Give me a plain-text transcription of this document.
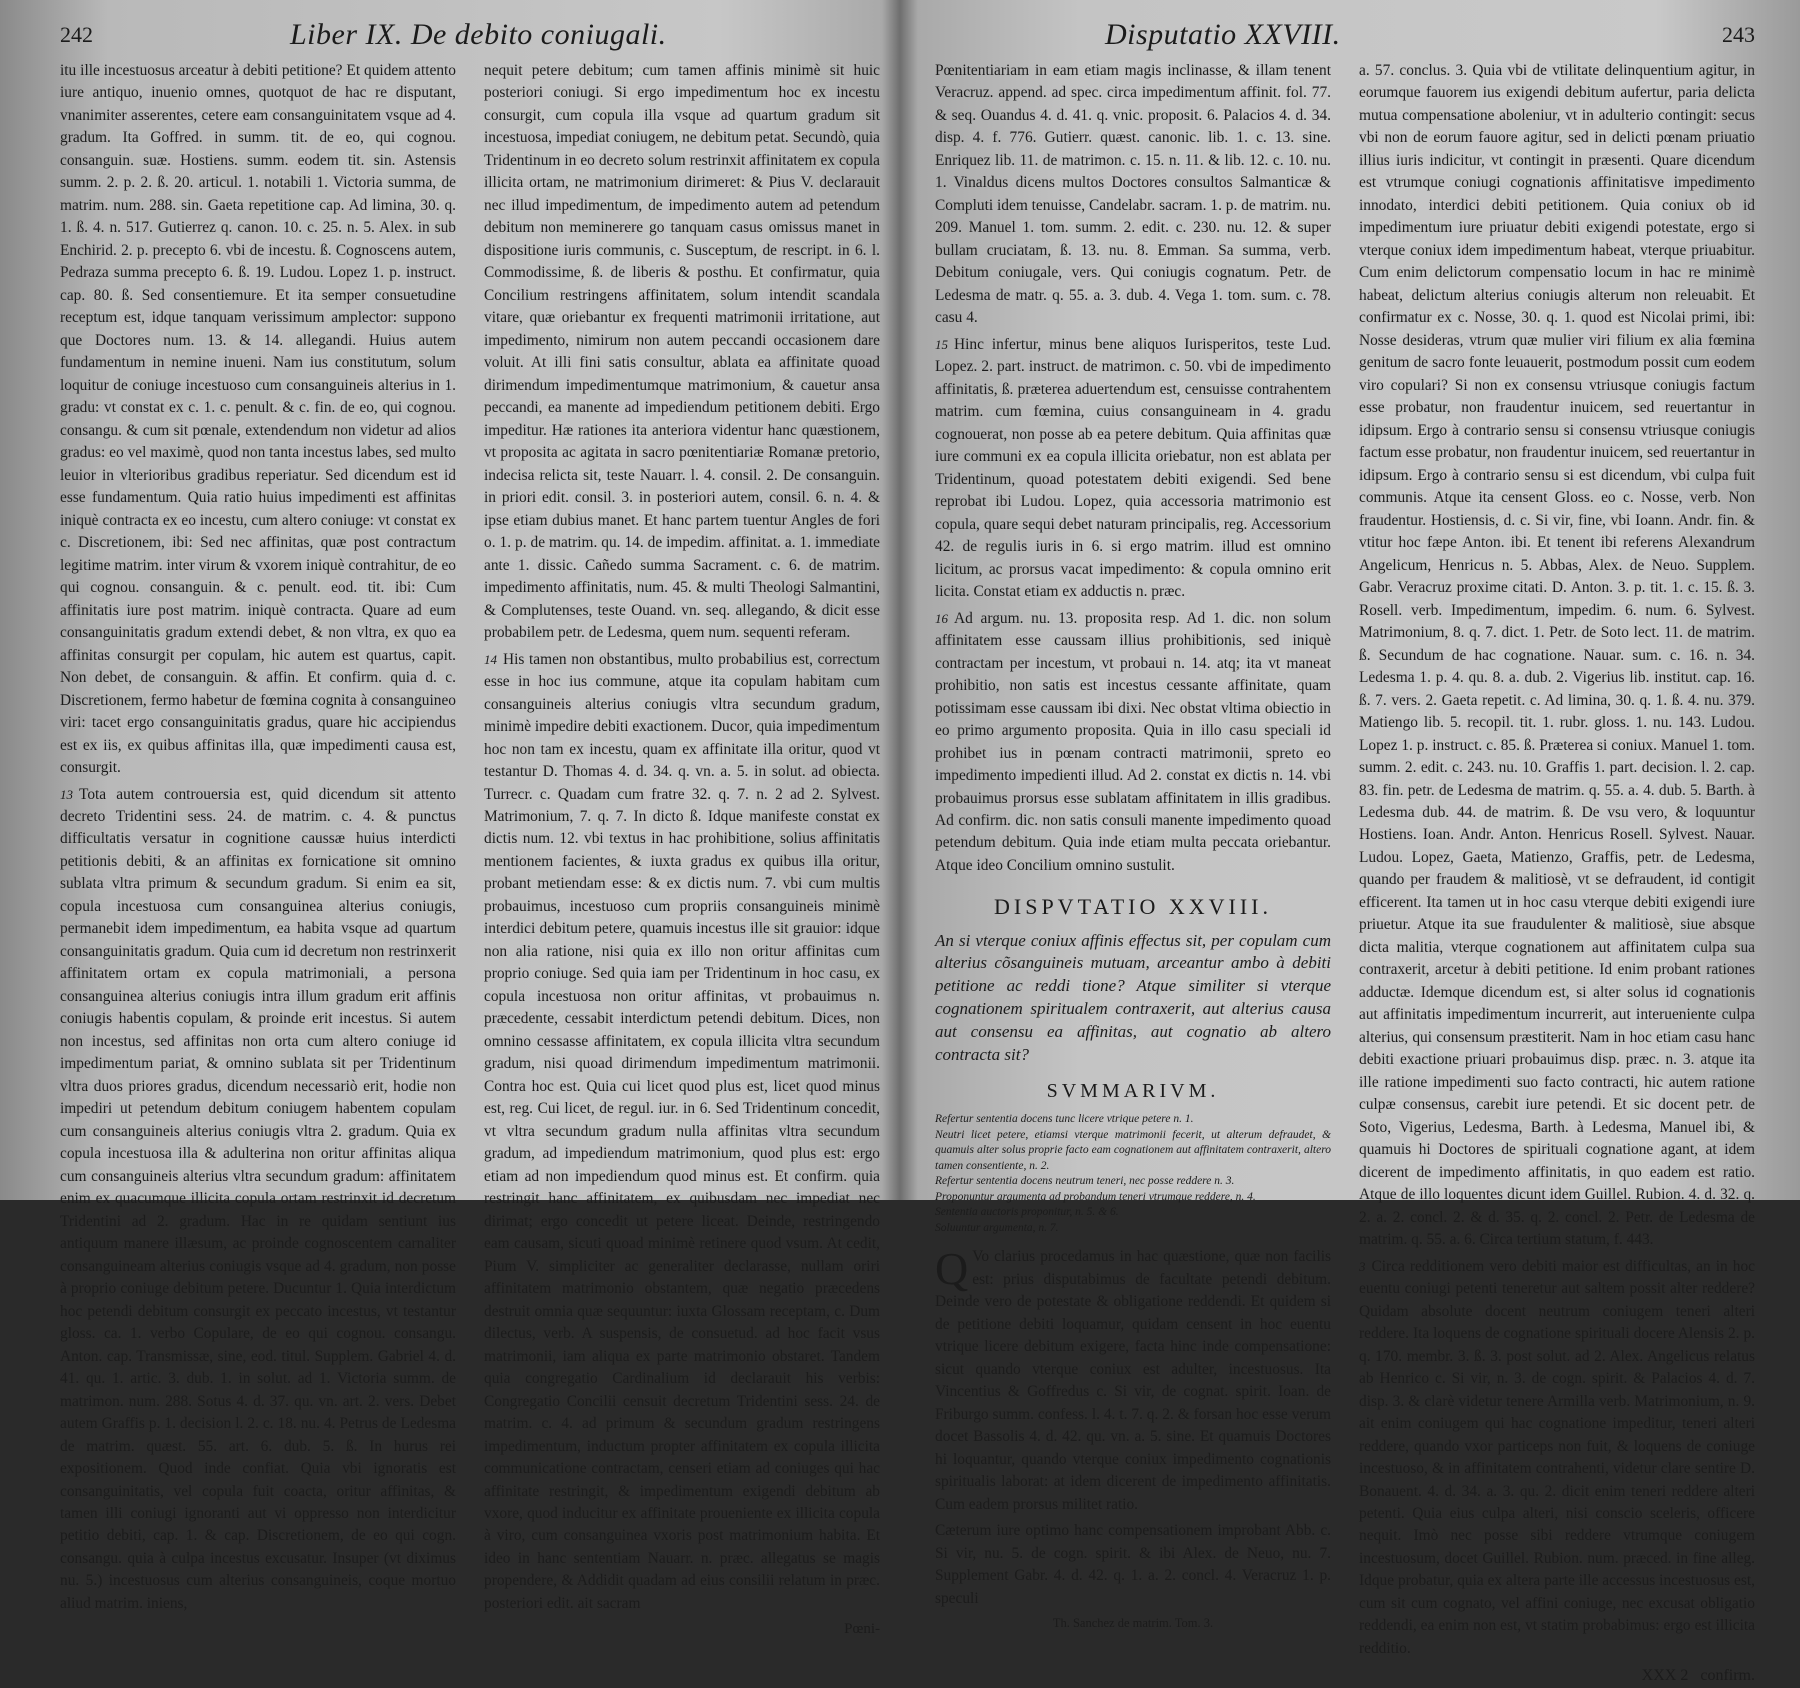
242	Liber IX. De debito coniugali.

itu ille incestuosus arceatur à debiti petitione? Et quidem attento iure antiquo, inuenio omnes, quotquot de hac re disputant, vnanimiter asserentes, cetere eam consanguinitatem vsque ad 4. gradum. Ita Goffred. in summ. tit. de eo, qui cognou. consanguin. suæ. Hostiens. summ. eodem tit. sin. Astensis summ. 2. p. 2. ß. 20. articul. 1. notabili 1. Victoria summa, de matrim. num. 288. sin. Gaeta repetitione cap. Ad limina, 30. q. 1. ß. 4. n. 517. Gutierrez q. canon. 10. c. 25. n. 5. Alex. in sub Enchirid. 2. p. precepto 6. vbi de incestu. ß. Cognoscens autem, Pedraza summa precepto 6. ß. 19. Ludou. Lopez 1. p. instruct. cap. 80. ß. Sed consentiemure. Et ita semper consuetudine receptum est, idque tanquam verissimum amplector: suppono que Doctores num. 13. & 14. allegandi. Huius autem fundamentum in nemine inueni. Nam ius constitutum, solum loquitur de coniuge incestuoso cum consanguineis alterius in 1. gradu: vt constat ex c. 1. c. penult. & c. fin. de eo, qui cognou. consangu. & cum sit pœnale, extendendum non videtur ad alios gradus: eo vel maximè, quod non tanta incestus labes, sed multo leuior in vlterioribus gradibus reperiatur. Sed dicendum est id esse fundamentum. Quia ratio huius impedimenti est affinitas iniquè contracta ex eo incestu, cum altero coniuge: vt constat ex c. Discretionem, ibi: Sed nec affinitas, quæ post contractum legitime matrim. inter virum & vxorem iniquè contrahitur, de eo qui cognou. consanguin. & c. penult. eod. tit. ibi: Cum affinitatis iure post matrim. iniquè contracta. Quare ad eum consanguinitatis gradum extendi debet, & non vltra, ex quo ea affinitas consurgit per copulam, hic autem est quartus, capit. Non debet, de consanguin. & affin. Et confirm. quia d. c. Discretionem, fermo habetur de fœmina cognita à consanguineo viri: tacet ergo consanguinitatis gradus, quare hic accipiendus est ex iis, ex quibus affinitas illa, quæ impedimenti causa est, consurgit.

13 Tota autem controuersia est, quid dicendum sit attento decreto Tridentini sess. 24. de matrim. c. 4. & punctus difficultatis versatur in cognitione caussæ huius interdicti petitionis debiti, & an affinitas ex fornicatione sit omnino sublata vltra primum & secundum gradum. Si enim ea sit, copula incestuosa cum consanguinea alterius coniugis, permanebit idem impedimentum, ea habita vsque ad quartum consanguinitatis gradum. Quia cum id decretum non restrinxerit affinitatem ortam ex copula matrimoniali, a persona consanguinea alterius coniugis intra illum gradum erit affinis coniugis habentis copulam, & proinde erit incestus. Si autem non incestus, sed affinitas non orta cum altero coniuge id impedimentum pariat, & omnino sublata sit per Tridentinum vltra duos priores gradus, dicendum necessariò erit, hodie non impediri ut petendum debitum coniugem habentem copulam cum consanguineis alterius coniugis vltra 2. gradum. Quia ex copula incestuosa illa & adulterina non oritur affinitas aliqua cum consanguineis alterius vltra secundum gradum: affinitatem enim ex quacumque illicita copula ortam restrinxit id decretum Tridentini ad 2. gradum. Hac in re quidam sentiunt ius antiquum manere illæsum, ac proinde cognoscentem carnaliter consanguineam alterius coniugis vsque ad 4. gradum, non posse à proprio coniuge debitum petere. Ducuntur 1. Quia interdictum hoc petendi debitum consurgit ex peccato incestus, vt testantur gloss. ca. 1. verbo Copulare, de eo qui cognou. consangu. Anton. cap. Transmissæ, sine, eod. titul. Supplem. Gabriel 4. d. 41. qu. 1. artic. 3. dub. 1. in solut. ad 1. Victoria summ. de matrimon. num. 288. Sotus 4. d. 37. qu. vn. art. 2. vers. Debet autem Graffis p. 1. decision l. 2. c. 18. nu. 4. Petrus de Ledesma de matrim. quæst. 55. art. 6. dub. 5. ß. In hurus rei expositionem. Quod inde confiat. Quia vbi ignoratis est consanguinitatis, vel copula fuit coacta, oritur affinitas, & tamen illi coniugi ignoranti aut vi oppresso non interdicitur petitio debiti, cap. 1. & cap. Discretionem, de eo qui cogn. consangu. quia à culpa incestus excusatur. Insuper (vt diximus nu. 5.) incestuosus cum alterius consanguineis, coque mortuo aliud matrim. iniens,

nequit petere debitum; cum tamen affinis minimè sit huic posteriori coniugi. Si ergo impedimentum hoc ex incestu consurgit, cum copula illa vsque ad quartum gradum sit incestuosa, impediat coniugem, ne debitum petat. Secundò, quia Tridentinum in eo decreto solum restrinxit affinitatem ex copula illicita ortam, ne matrimonium dirimeret: & Pius V. declarauit nec illud impedimentum, de impedimento autem ad petendum debitum non meminerere go tanquam casus omissus manet in dispositione iuris communis, c. Susceptum, de rescript. in 6. l. Commodissime, ß. de liberis & posthu. Et confirmatur, quia Concilium restringens affinitatem, solum intendit scandala vitare, quæ oriebantur ex frequenti matrimonii irritatione, aut impedimento, nimirum non autem peccandi occasionem dare voluit. At illi fini satis consultur, ablata ea affinitate quoad dirimendum impedimentumque matrimonium, & cauetur ansa peccandi, ea manente ad impediendum petitionem debiti. Ergo impeditur. Hæ rationes ita anteriora videntur hanc quæstionem, vt proposita ac agitata in sacro pœnitentiariæ Romanæ pretorio, indecisa relicta sit, teste Nauarr. l. 4. consil. 2. De consanguin. in priori edit. consil. 3. in posteriori autem, consil. 6. n. 4. & ipse etiam dubius manet. Et hanc partem tuentur Angles de fori o. 1. p. de matrim. qu. 14. de impedim. affinitat. a. 1. immediate ante 1. dissic. Cañedo summa Sacrament. c. 6. de matrim. impedimento affinitatis, num. 45. & multi Theologi Salmantini, & Complutenses, teste Ouand. vn. seq. allegando, & dicit esse probabilem petr. de Ledesma, quem num. sequenti referam.

14 His tamen non obstantibus, multo probabilius est, correctum esse in hoc ius commune, atque ita copulam habitam cum consanguineis alterius coniugis vltra secundum gradum, minimè impedire debiti exactionem. Ducor, quia impedimentum hoc non tam ex incestu, quam ex affinitate illa oritur, quod vt testantur D. Thomas 4. d. 34. q. vn. a. 5. in solut. ad obiecta. Turrecr. c. Quadam cum fratre 32. q. 7. n. 2 ad 2. Sylvest. Matrimonium, 7. q. 7. In dicto ß. Idque manifeste constat ex dictis num. 12. vbi textus in hac prohibitione, solius affinitatis mentionem facientes, & iuxta gradus ex quibus illa oritur, probant metiendam esse: & ex dictis num. 7. vbi cum multis probauimus, incestuoso cum propriis consanguineis minimè interdici debitum petere, quamuis incestus ille sit grauior: idque non alia ratione, nisi quia ex illo non oritur affinitas cum proprio coniuge. Sed quia iam per Tridentinum in hoc casu, ex copula incestuosa non oritur affinitas, vt probauimus n. præcedente, cessabit interdictum petendi debitum. Dices, non omnino cessasse affinitatem, ex copula illicita vltra secundum gradum, nisi quoad dirimendum impedimentum matrimonii. Contra hoc est. Quia cui licet quod plus est, licet quod minus est, reg. Cui licet, de regul. iur. in 6. Sed Tridentinum concedit, vt vltra secundum gradum nulla affinitas vltra secundum gradum, ad impediendum matrimonium, quod plus est: ergo etiam ad non impediendum quod minus est. Et confirm. quia restringit hanc affinitatem, ex quibusdam nec impediat nec dirimat; ergo concedit ut petere liceat. Deinde, restringendo eam causam, sicuti quoad minimè retinere quod vsum. At cedit, Pium V. simpliciter ac generaliter declarasse, nullam oriri affinitatem matrimonio obstantem, quæ negatio præcedens destruit omnia quæ sequuntur: iuxta Glossam receptam, c. Dum dilectus, verb. A suspensis, de consuetud. ad hoc facit vsus matrimonii, iam aliqua ex parte matrimonio obstaret. Tandem quia congregatio Cardinalium id declarauit his verbis: Congregatio Concilii censuit decretum Tridentini sess. 24. de matrim. c. 4. ad primum & secundum gradum restringens impedimentum, inductum propter affinitatem ex copula illicita communicatione contractam, censeri etiam ad coniuges qui hac affinitate restringit, & impedimentum exigendi debitum ab vxore, quod inducitur ex affinitate proueniente ex illicita copula à viro, cum consanguinea vxoris post matrimonium habita. Et ideo in hanc sententiam Nauarr. n. præc. allegatus se magis propendere, & Addidit quadam ad eius consilii relatum in præc. posteriori edit. ait sacram

Pœni-
Disputatio XXVIII.	243

Pœnitentiariam in eam etiam magis inclinasse, & illam tenent Veracruz. append. ad spec. circa impedimentum affinit. fol. 77. & seq. Ouandus 4. d. 41. q. vnic. proposit. 6. Palacios 4. d. 34. disp. 4. f. 776. Gutierr. quæst. canonic. lib. 1. c. 13. sine. Enriquez lib. 11. de matrimon. c. 15. n. 11. & lib. 12. c. 10. nu. 1. Vinaldus dicens multos Doctores consultos Salmanticæ & Compluti idem tenuisse, Candelabr. sacram. 1. p. de matrim. nu. 209. Manuel 1. tom. summ. 2. edit. c. 230. nu. 12. & super bullam cruciatam, ß. 13. nu. 8. Emman. Sa summa, verb. Debitum coniugale, vers. Qui coniugis cognatum. Petr. de Ledesma de matr. q. 55. a. 3. dub. 4. Vega 1. tom. sum. c. 78. casu 4.

15 Hinc infertur, minus bene aliquos Iurisperitos, teste Lud. Lopez. 2. part. instruct. de matrimon. c. 50. vbi de impedimento affinitatis, ß. præterea aduertendum est, censuisse contrahentem matrim. cum fœmina, cuius consanguineam in 4. gradu cognouerat, non posse ab ea petere debitum. Quia affinitas quæ iure communi ex ea copula illicita oriebatur, non est ablata per Tridentinum, quoad potestatem debiti exigendi. Sed bene reprobat ibi Ludou. Lopez, quia accessoria matrimonio est copula, quare sequi debet naturam principalis, reg. Accessorium 42. de regulis iuris in 6. si ergo matrim. illud est omnino licitum, ac prorsus vacat impedimento: & copula omnino erit licita. Constat etiam ex adductis n. præc.

16 Ad argum. nu. 13. proposita resp. Ad 1. dic. non solum affinitatem esse caussam illius prohibitionis, sed iniquè contractam per incestum, vt probaui n. 14. atq; ita vt maneat prohibitio, non satis est incestus cessante affinitate, quam potissimam esse caussam ibi dixi. Nec obstat vltima obiectio in eo primo argumento proposita. Quia in illo casu speciali id prohibet ius in pœnam contracti matrimonii, spreto eo impedimento impedienti illud. Ad 2. constat ex dictis n. 14. vbi probauimus prorsus esse sublatam affinitatem in illis gradibus. Ad confirm. dic. non satis consuli manente impedimento quoad petendum debitum. Quia inde etiam multa peccata oriebantur. Atque ideo Concilium omnino sustulit.

DISPVTATIO XXVIII.
An si vterque coniux affinis effectus sit, per copulam cum alterius cõsanguineis mutuam, arceantur ambo à debiti petitione ac reddi tione? Atque similiter si vterque cognationem spiritualem contraxerit, aut alterius causa aut consensu ea affinitas, aut cognatio ab altero contracta sit?
SVMMARIVM.
Refertur sententia docens tunc licere vtrique petere n. 1.
Neutri licet petere, etiamsi vterque matrimonii fecerit, ut alterum defraudet, & quamuis alter solus proprie facto eam cognationem aut affinitatem contraxerit, altero tamen consentiente, n. 2.
Refertur sententia docens neutrum teneri, nec posse reddere n. 3.
Proponuntur argumenta ad probandum teneri vtrumque reddere, n. 4.
Sententia auctoris proponitur, n. 5. & 6.
Soluuntur argumenta, n. 7.

Q Vo clarius procedamus in hac quæstione, quæ non facilis est: prius disputabimus de facultate petendi debitum. Deinde vero de potestate & obligatione reddendi. Et quidem si de petitione debiti loquamur, quidam censent in hoc euentu vtrique licere debitum exigere, facta hinc inde compensatione: sicut quando vterque coniux est adulter, incestuosus. Ita Vincentius & Goffredus c. Si vir, de cognat. spirit. Ioan. de Friburgo summ. confess. l. 4. t. 7. q. 2. & forsan hoc esse verum docet Bassolis 4. d. 42. qu. vn. a. 5. sine. Et quamuis Doctores hi loquantur, quando vterque coniux impedimento cognationis spiritualis laborat: at idem dicerent de impedimento affinitatis. Cum eadem prorsus militet ratio.

Cæterum iure optimo hanc compensationem improbant Abb. c. Si vir, nu. 5. de cogn. spirit. & ibi Alex. de Neuo, nu. 7. Supplement Gabr. 4. d. 42. q. 1. a. 2. concl. 4. Veracruz 1. p. speculi

Th. Sanchez de matrim. Tom. 3.

a. 57. conclus. 3. Quia vbi de vtilitate delinquentium agitur, in eorumque fauorem ius exigendi debitum aufertur, paria delicta mutua compensatione aboleniur, vt in adulterio contingit: secus vbi non de eorum fauore agitur, sed in delicti pœnam priuatio illius iuris indicitur, vt contingit in præsenti. Quare dicendum est vtrumque coniugi cognationis affinitatisve impedimento innodato, interdici debiti petitionem. Quia coniux ob id impedimentum iure priuatur debiti exigendi potestate, ergo si vterque coniux idem impedimentum habeat, vterque priuabitur. Cum enim delictorum compensatio locum in hac re minimè habeat, delictum alterius coniugis alterum non releuabit. Et confirmatur ex c. Nosse, 30. q. 1. quod est Nicolai primi, ibi: Nosse desideras, vtrum quæ mulier viri filium ex alia fœmina genitum de sacro fonte leuauerit, postmodum possit cum eodem viro copulari? Si non ex consensu vtriusque coniugis factum esse probatur, non fraudentur inuicem, sed reuertantur in idipsum. Ergo à contrario sensu si consensu vtriusque coniugis factum esse probatur, non fraudentur inuicem, sed reuertantur in idipsum. Ergo à contrario sensu si est dicendum, vbi culpa fuit communis. Atque ita censent Gloss. eo c. Nosse, verb. Non fraudentur. Hostiensis, d. c. Si vir, fine, vbi Ioann. Andr. fin. & vtitur hoc fæpe Anton. ibi. Et tenent ibi referens Alexandrum Angelicum, Henricus n. 5. Abbas, Alex. de Neuo. Supplem. Gabr. Veracruz proxime citati. D. Anton. 3. p. tit. 1. c. 15. ß. 3. Rosell. verb. Impedimentum, impedim. 6. num. 6. Sylvest. Matrimonium, 8. q. 7. dict. 1. Petr. de Soto lect. 11. de matrim. ß. Secundum de hac cognatione. Nauar. sum. c. 16. n. 34. Ledesma 1. p. 4. qu. 8. a. dub. 2. Vigerius lib. institut. cap. 16. ß. 7. vers. 2. Gaeta repetit. c. Ad limina, 30. q. 1. ß. 4. nu. 379. Matiengo lib. 5. recopil. tit. 1. rubr. gloss. 1. nu. 143. Ludou. Lopez 1. p. instruct. c. 85. ß. Præterea si coniux. Manuel 1. tom. summ. 2. edit. c. 243. nu. 10. Graffis 1. part. decision. l. 2. cap. 83. fin. petr. de Ledesma de matrim. q. 55. a. 4. dub. 5. Barth. à Ledesma dub. 44. de matrim. ß. De vsu vero, & loquuntur Hostiens. Ioan. Andr. Anton. Henricus Rosell. Sylvest. Nauar. Ludou. Lopez, Gaeta, Matienzo, Graffis, petr. de Ledesma, quando per fraudem & malitiosè, vt se defraudent, id contigit efficerent. Ita tamen ut in hoc casu vterque debiti exigendi iure priuetur. Atque ita sue fraudulenter & malitiosè, siue absque dicta malitia, vterque cognationem aut affinitatem culpa sua contraxerit, arcetur à debiti petitione. Id enim probant rationes adductæ. Idemque dicendum est, si alter solus id cognationis aut affinitatis impedimentum incurrerit, aut interueniente culpa alterius, qui consensum præstiterit. Nam in hoc etiam casu hanc debiti exactione priuari probauimus disp. præc. n. 3. atque ita ille ratione impedimenti suo facto contracti, hic autem ratione culpæ consensus, carebit iure petendi. Et sic docent petr. de Soto, Vigerius, Ledesma, Barth. à Ledesma, Manuel ibi, & quamuis hi Doctores de spirituali cognatione agant, at idem dicerent de impedimento affinitatis, in quo eadem est ratio. Atque de illo loquentes dicunt idem Guillel. Rubion. 4. d. 32. q. 2. a. 2. concl. 2. & d. 35. q. 2. concl. 2. Petr. de Ledesma de matrim. q. 55. a. 6. Circa tertium statum, f. 443.

3 Circa redditionem vero debiti maior est difficultas, an in hoc euentu coniugi petenti teneretur aut saltem possit alter reddere? Quidam absolute docent neutrum coniugem teneri alteri reddere. Ita loquens de cognatione spirituali docere Alensis 2. p. q. 170. membr. 3. ß. 3. post solut. ad 2. Alex. Angelicus relatus ab Henrico c. Si vir, n. 3. de cogn. spirit. & Palacios 4. d. 7. disp. 3. & clarè videtur tenere Armilla verb. Matrimonium, n. 9. ait enim coniugem qui hac cognatione impeditur, teneri alteri reddere, quando vxor particeps non fuit, & loquens de coniuge incestuoso, & in affinitatem contrahenti, videtur clare sentire D. Bonauent. 4. d. 34. a. 3. qu. 2. dicit enim teneri reddere alteri petenti. Quia eius culpa alteri, nisi conscio sceleris, officere nequit. Imò nec posse sibi reddere vtrumque coniugem incestuosum, docet Guillel. Rubion. num. præced. in fine alleg. Idque probatur, quia ex altera parte ille accessus incestuosus est, cum sit cum cognato, vel affini coniuge, nec excusat obligatio reddendi, ea enim non est, vt statim probabimus: ergo est illicita redditio.

XXX 2 confirm.
